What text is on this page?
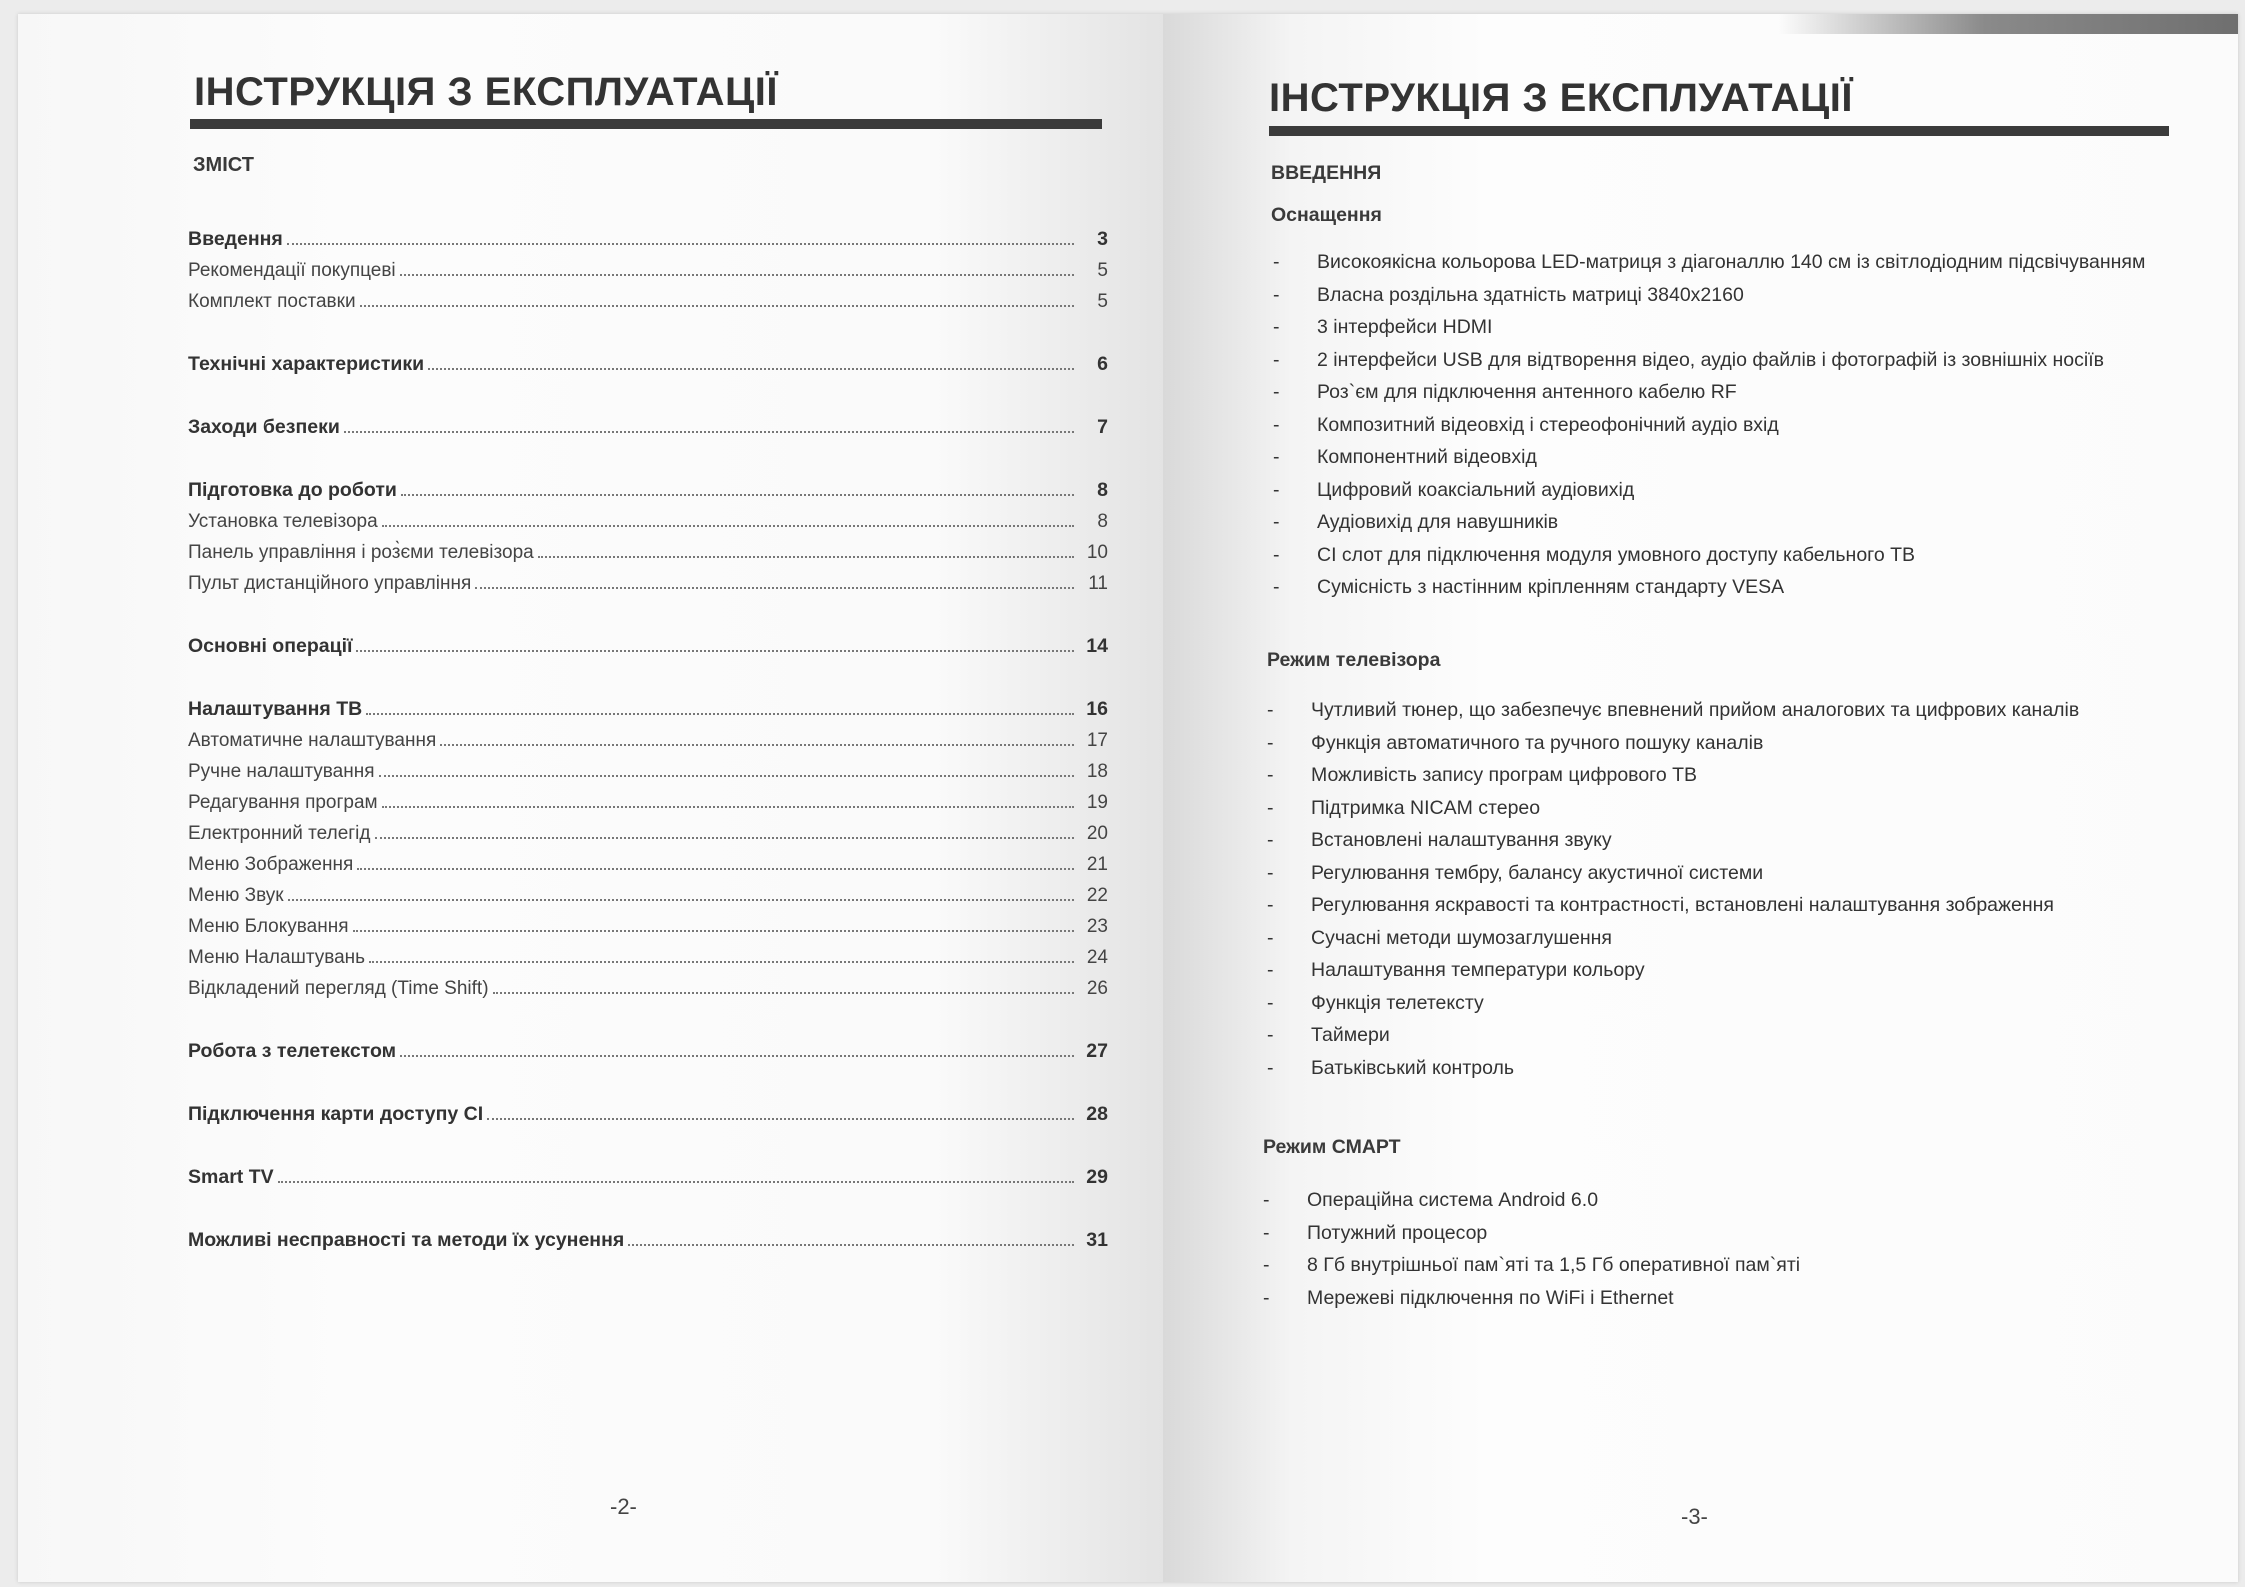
ІНСТРУКЦІЯ З ЕКСПЛУАТАЦІЇ
ЗМІСТ
Введення	3
Рекомендації покупцеві	5
Комплект поставки	5
Технічні характеристики	6
Заходи безпеки	7
Підготовка до роботи	8
Установка телевізора	8
Панель управління і роз̀єми телевізора	10
Пульт дистанційного управління	11
Основні операції	14
Налаштування ТВ	16
Автоматичне налаштування	17
Ручне налаштування	18
Редагування програм	19
Електронний телегід	20
Меню Зображення	21
Меню Звук	22
Меню Блокування	23
Меню Налаштувань	24
Відкладений перегляд (Time Shift)	26
Робота з телетекстом	27
Підключення карти доступу CI	28
Smart TV	29
Можливі несправності та методи їх усунення	31
-2-
ІНСТРУКЦІЯ З ЕКСПЛУАТАЦІЇ
ВВЕДЕННЯ
Оснащення
- Високоякісна кольорова LED-матриця з діагоналлю 140 см із світлодіодним підсвічуванням
- Власна роздільна здатність матриці 3840x2160
- 3 інтерфейси HDMI
- 2 інтерфейси USB для відтворення відео, аудіо файлів і фотографій із зовнішніх носіїв
- Роз`єм для підключення антенного кабелю RF
- Композитний відеовхід і стереофонічний аудіо вхід
- Компонентний відеовхід
- Цифровий коаксіальний аудіовихід
- Аудіовихід для навушників
- CI слот для підключення модуля умовного доступу кабельного ТВ
- Сумісність з настінним кріпленням стандарту VESA
Режим телевізора
- Чутливий тюнер, що забезпечує впевнений прийом аналогових та цифрових каналів
- Функція автоматичного та ручного пошуку каналів
- Можливість запису програм цифрового ТВ
- Підтримка NICAM стерео
- Встановлені налаштування звуку
- Регулювання тембру, балансу акустичної системи
- Регулювання яскравості та контрастності, встановлені налаштування зображення
- Сучасні методи шумозаглушення
- Налаштування температури кольору
- Функція телетексту
- Таймери
- Батьківський контроль
Режим СМАРТ
- Операційна система Android 6.0
- Потужний процесор
- 8 Гб внутрішньої пам`яті та 1,5 Гб оперативної пам`яті
- Мережеві підключення по WiFi і Ethernet
-3-
